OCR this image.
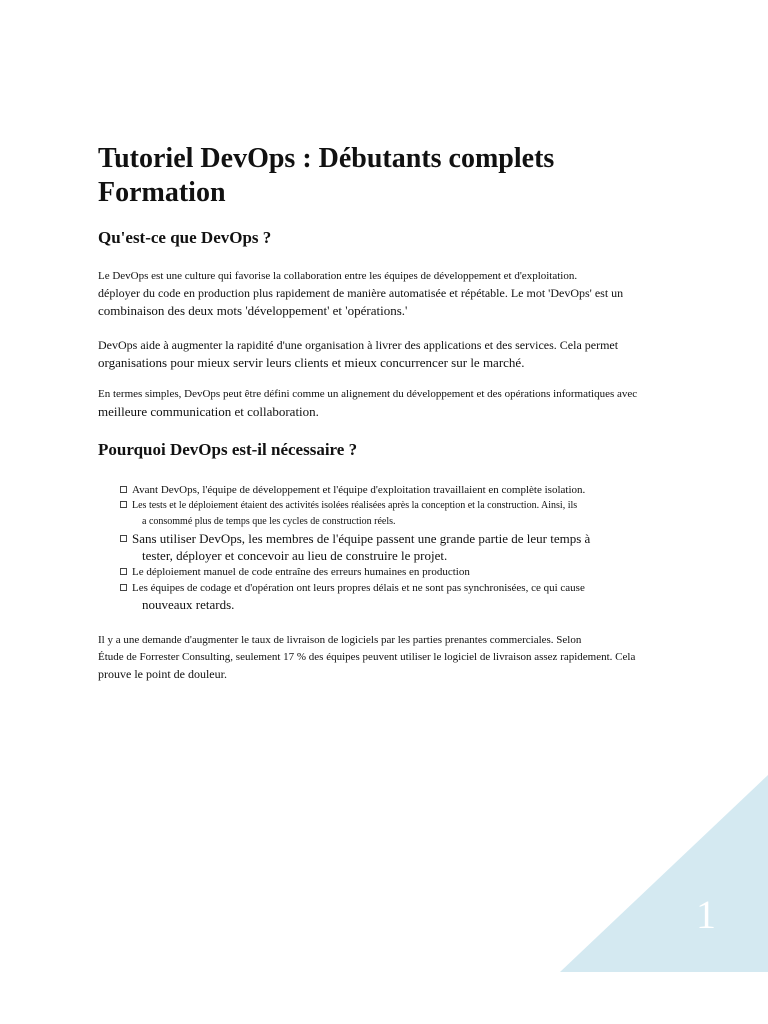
Tutoriel DevOps : Débutants complets Formation
Qu'est-ce que DevOps ?

Le DevOps est une culture qui favorise la collaboration entre les équipes de développement et d'exploitation.
déployer du code en production plus rapidement de manière automatisée et répétable. Le mot 'DevOps' est un
combinaison des deux mots 'développement' et 'opérations.'

DevOps aide à augmenter la rapidité d'une organisation à livrer des applications et des services. Cela permet
organisations pour mieux servir leurs clients et mieux concurrencer sur le marché.

En termes simples, DevOps peut être défini comme un alignement du développement et des opérations informatiques avec
meilleure communication et collaboration.

Pourquoi DevOps est-il nécessaire ?
Avant DevOps, l'équipe de développement et l'équipe d'exploitation travaillaient en complète isolation.
Les tests et le déploiement étaient des activités isolées réalisées après la conception et la construction. Ainsi, ils
a consommé plus de temps que les cycles de construction réels.
Sans utiliser DevOps, les membres de l'équipe passent une grande partie de leur temps à
tester, déployer et concevoir au lieu de construire le projet.
Le déploiement manuel de code entraîne des erreurs humaines en production
Les équipes de codage et d'opération ont leurs propres délais et ne sont pas synchronisées, ce qui cause
nouveaux retards.

Il y a une demande d'augmenter le taux de livraison de logiciels par les parties prenantes commerciales. Selon
Étude de Forrester Consulting, seulement 17 % des équipes peuvent utiliser le logiciel de livraison assez rapidement. Cela
prouve le point de douleur.

1
